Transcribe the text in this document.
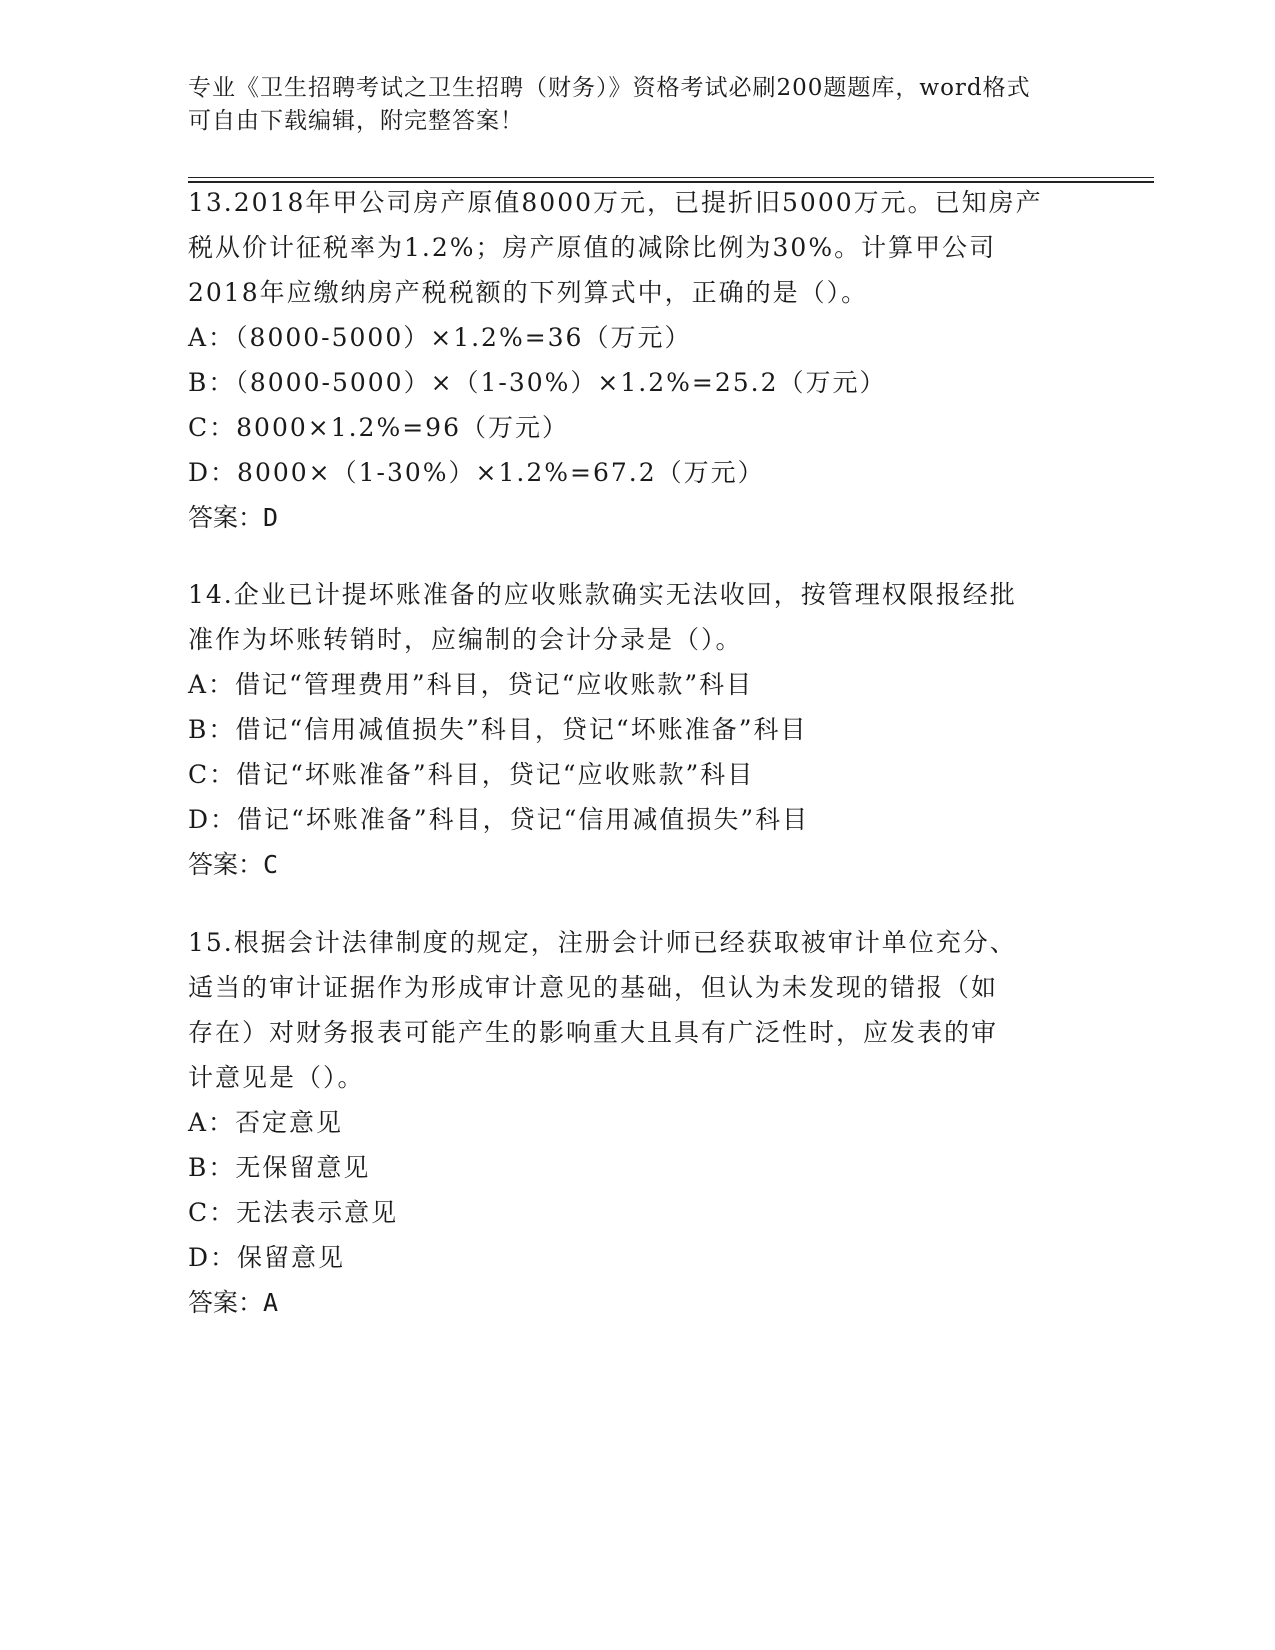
专业《卫生招聘考试之卫生招聘（财务）》资格考试必刷200题题库，word格式
可自由下载编辑，附完整答案！

13.2018年甲公司房产原值8000万元，已提折旧5000万元。已知房产

税从价计征税率为1.2%；房产原值的减除比例为30%。计算甲公司

2018年应缴纳房产税税额的下列算式中，正确的是（）。

A：（8000-5000）×1.2%=36（万元）

B：（8000-5000）×（1-30%）×1.2%=25.2（万元）

C：8000×1.2%=96（万元）

D：8000×（1-30%）×1.2%=67.2（万元）

答案：D

14.企业已计提坏账准备的应收账款确实无法收回，按管理权限报经批

准作为坏账转销时，应编制的会计分录是（）。

A：借记“管理费用”科目，贷记“应收账款”科目

B：借记“信用减值损失”科目，贷记“坏账准备”科目

C：借记“坏账准备”科目，贷记“应收账款”科目

D：借记“坏账准备”科目，贷记“信用减值损失”科目

答案：C

15.根据会计法律制度的规定，注册会计师已经获取被审计单位充分、

适当的审计证据作为形成审计意见的基础，但认为未发现的错报（如

存在）对财务报表可能产生的影响重大且具有广泛性时，应发表的审

计意见是（）。

A：否定意见

B：无保留意见

C：无法表示意见

D：保留意见

答案：A
